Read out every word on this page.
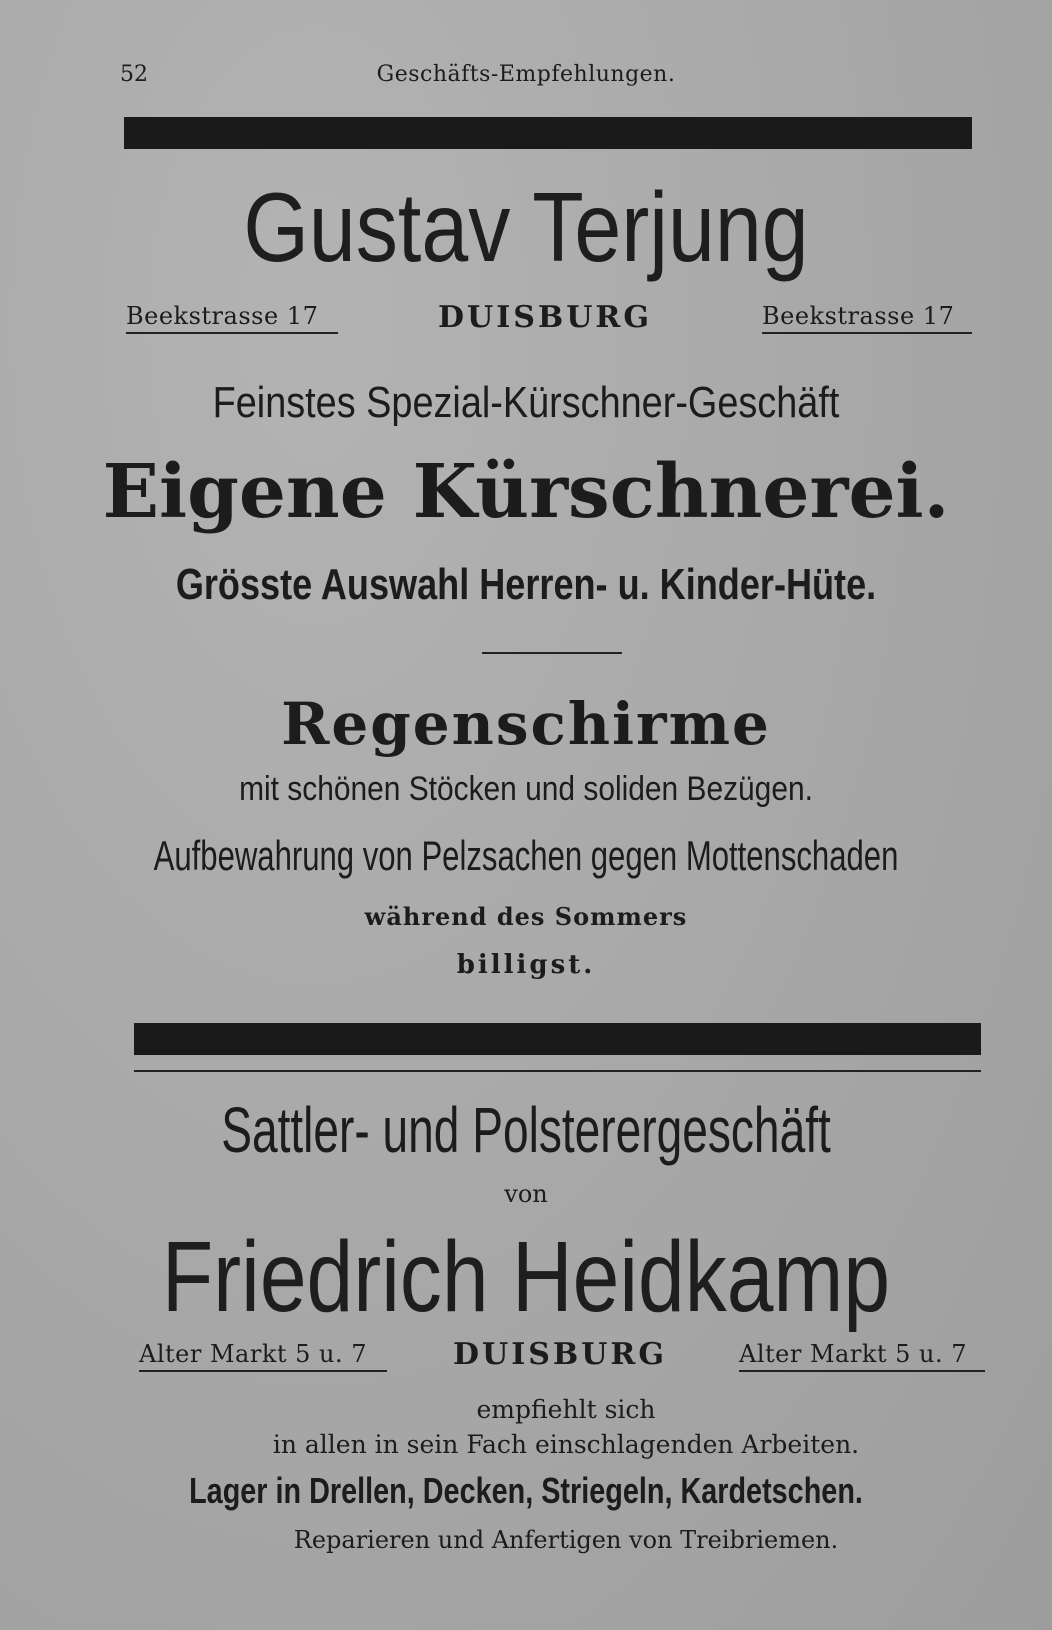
52	Geschäfts-Empfehlungen.
Gustav Terjung
Beekstrasse 17	DUISBURG	Beekstrasse 17
Feinstes Spezial-Kürschner-Geschäft
Eigene Kürschnerei.
Grösste Auswahl Herren- u. Kinder-Hüte.
Regenschirme
mit schönen Stöcken und soliden Bezügen.
Aufbewahrung von Pelzsachen gegen Mottenschaden
während des Sommers
billigst.
Sattler- und Polsterergeschäft
von
Friedrich Heidkamp
Alter Markt 5 u. 7	DUISBURG	Alter Markt 5 u. 7
empfiehlt sich
in allen in sein Fach einschlagenden Arbeiten.
Lager in Drellen, Decken, Striegeln, Kardetschen.
Reparieren und Anfertigen von Treibriemen.
